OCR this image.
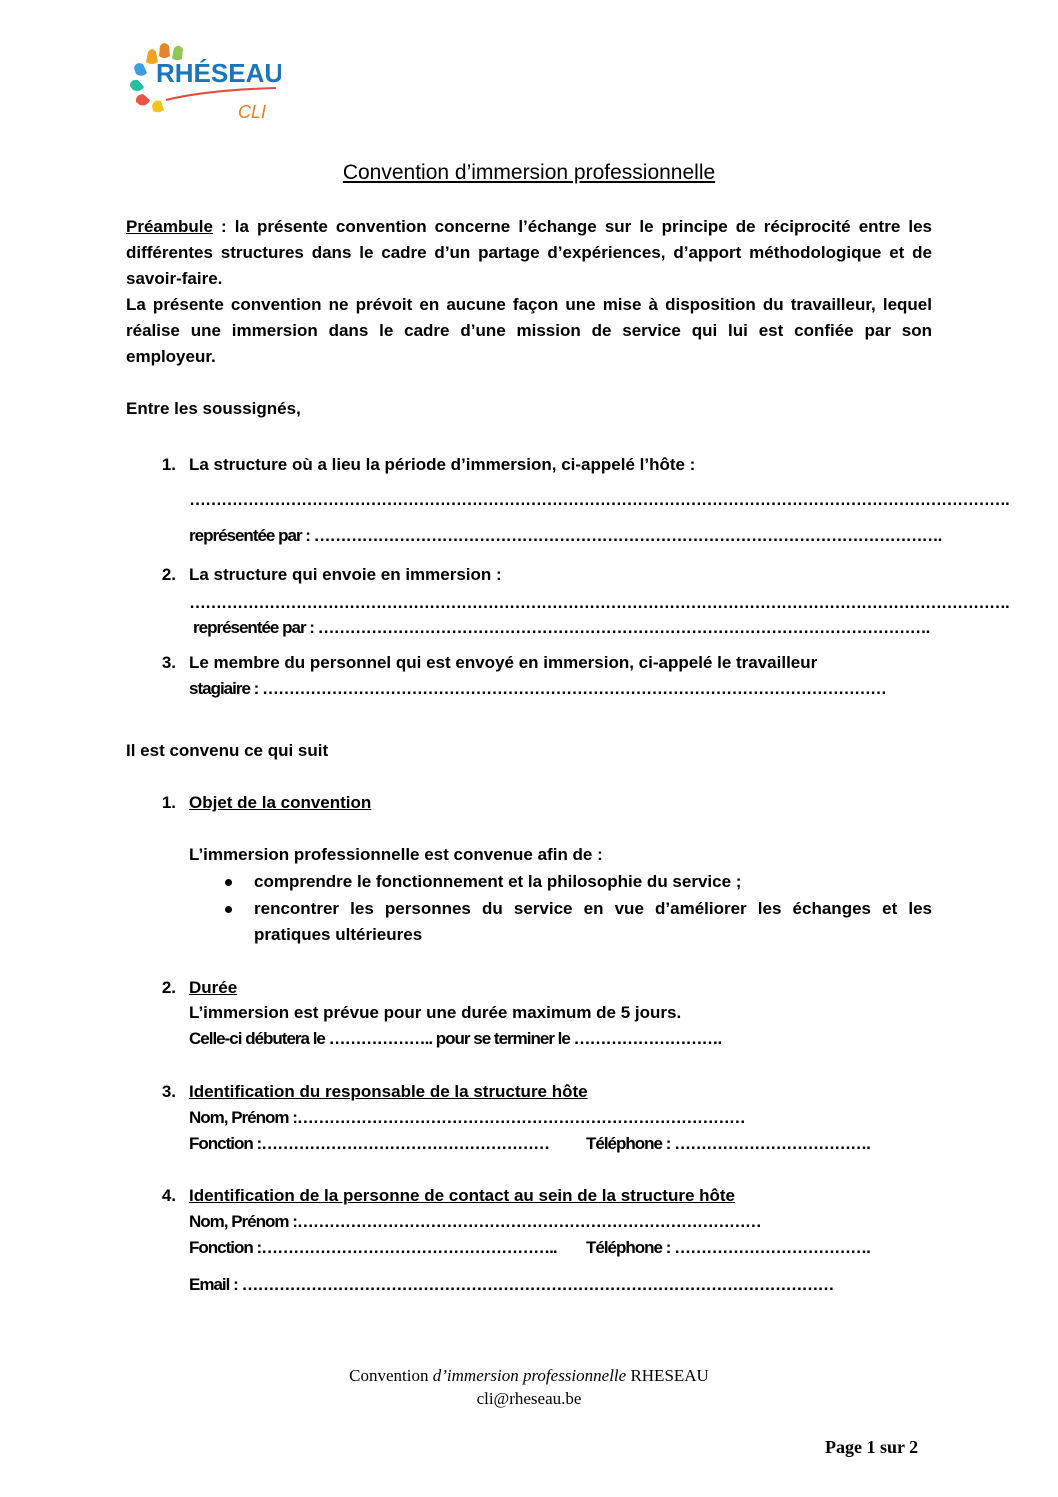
RHÉSEAU
CLI
Convention d’immersion professionnelle
Préambule : la présente convention concerne l’échange sur le principe de réciprocité entre les différentes structures dans le cadre d’un partage d’expériences, d’apport méthodologique et de savoir-faire.
La présente convention ne prévoit en aucune façon une mise à disposition du travailleur, lequel réalise une immersion dans le cadre d’une mission de service qui lui est confiée par son employeur.
Entre les soussignés,
1. La structure où a lieu la période d’immersion, ci-appelé l’hôte :
……………………………………………………………………………………………………………………………………….
représentée par : ……………………………………………………………………………………………………….
2. La structure qui envoie en immersion :
……………………………………………………………………………………………………………………………………….
représentée par : …………………………………………………………………………………………………….
3. Le membre du personnel qui est envoyé en immersion, ci-appelé le travailleur
stagiaire : ………………………………………………………………………………………………………
Il est convenu ce qui suit
1. Objet de la convention
L’immersion professionnelle est convenue afin de :
comprendre le fonctionnement et la philosophie du service ;
rencontrer les personnes du service en vue d’améliorer les échanges et les
pratiques ultérieures
2. Durée
L’immersion est prévue pour une durée maximum de 5 jours.
Celle-ci débutera le ……………….. pour se terminer le ……………………….
3. Identification du responsable de la structure hôte
Nom, Prénom :…………………………………………………………………………
Fonction :……………………………………………… Téléphone : ……………………………….
4. Identification de la personne de contact au sein de la structure hôte
Nom, Prénom :……………………………………………………………………………
Fonction :……………………………………………….. Téléphone : ……………………………….
Email : …………………………………………………………………………………………………
Convention d’immersion professionnelle RHESEAU
cli@rheseau.be
Page 1 sur 2
